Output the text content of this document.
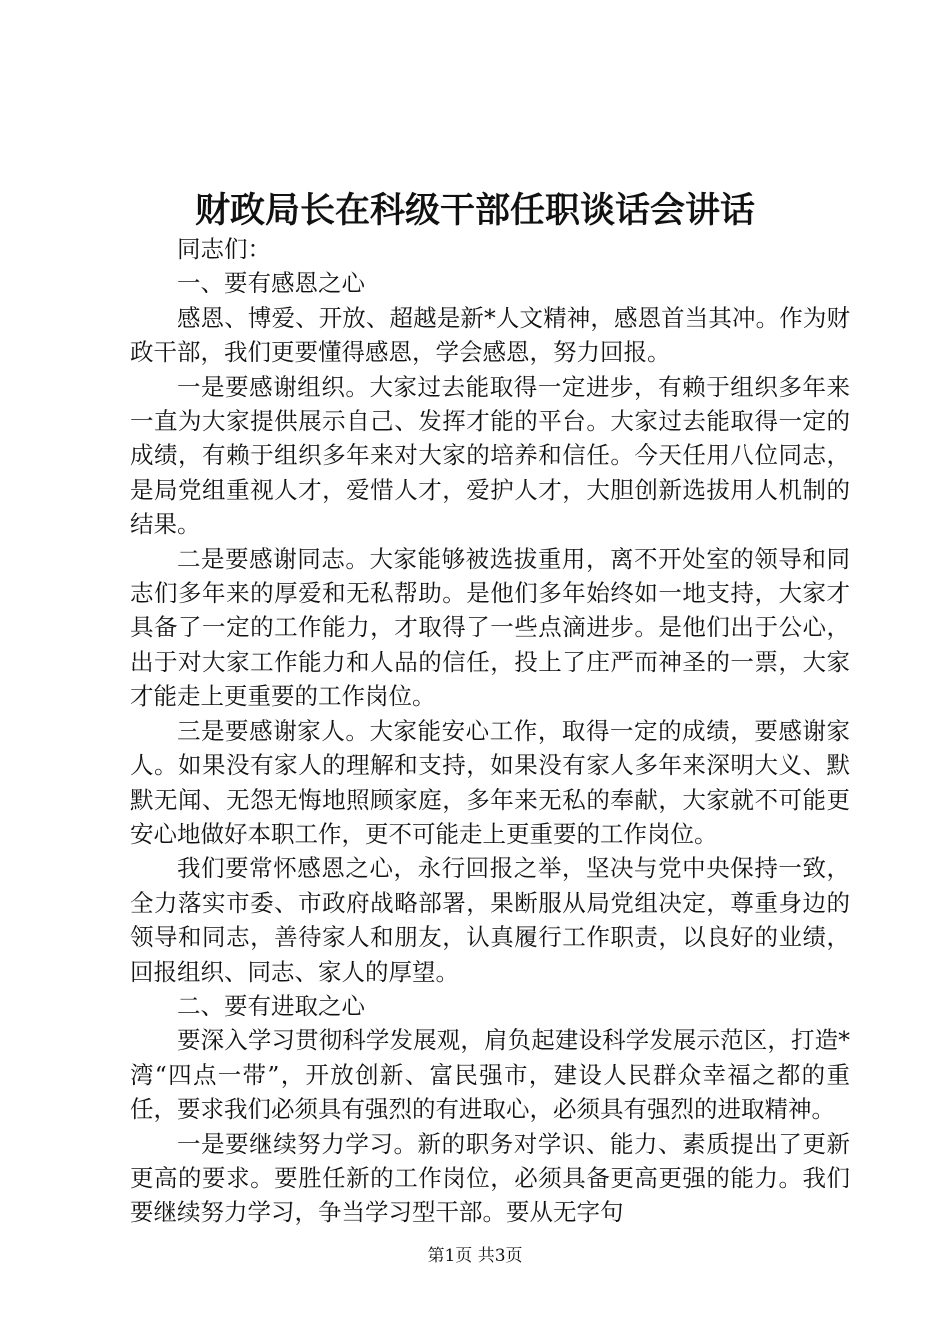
财政局长在科级干部任职谈话会讲话

同志们：

一、要有感恩之心

感恩、博爱、开放、超越是新*人文精神，感恩首当其冲。作为财政干部，我们更要懂得感恩，学会感恩，努力回报。

一是要感谢组织。大家过去能取得一定进步，有赖于组织多年来一直为大家提供展示自己、发挥才能的平台。大家过去能取得一定的成绩，有赖于组织多年来对大家的培养和信任。今天任用八位同志，是局党组重视人才，爱惜人才，爱护人才，大胆创新选拔用人机制的结果。

二是要感谢同志。大家能够被选拔重用，离不开处室的领导和同志们多年来的厚爱和无私帮助。是他们多年始终如一地支持，大家才具备了一定的工作能力，才取得了一些点滴进步。是他们出于公心，出于对大家工作能力和人品的信任，投上了庄严而神圣的一票，大家才能走上更重要的工作岗位。

三是要感谢家人。大家能安心工作，取得一定的成绩，要感谢家人。如果没有家人的理解和支持，如果没有家人多年来深明大义、默默无闻、无怨无悔地照顾家庭，多年来无私的奉献，大家就不可能更安心地做好本职工作，更不可能走上更重要的工作岗位。

我们要常怀感恩之心，永行回报之举，坚决与党中央保持一致，全力落实市委、市政府战略部署，果断服从局党组决定，尊重身边的领导和同志，善待家人和朋友，认真履行工作职责，以良好的业绩，回报组织、同志、家人的厚望。

二、要有进取之心

要深入学习贯彻科学发展观，肩负起建设科学发展示范区，打造*湾“四点一带”，开放创新、富民强市，建设人民群众幸福之都的重任，要求我们必须具有强烈的有进取心，必须具有强烈的进取精神。

一是要继续努力学习。新的职务对学识、能力、素质提出了更新更高的要求。要胜任新的工作岗位，必须具备更高更强的能力。我们要继续努力学习，争当学习型干部。要从无字句

第1页 共3页
